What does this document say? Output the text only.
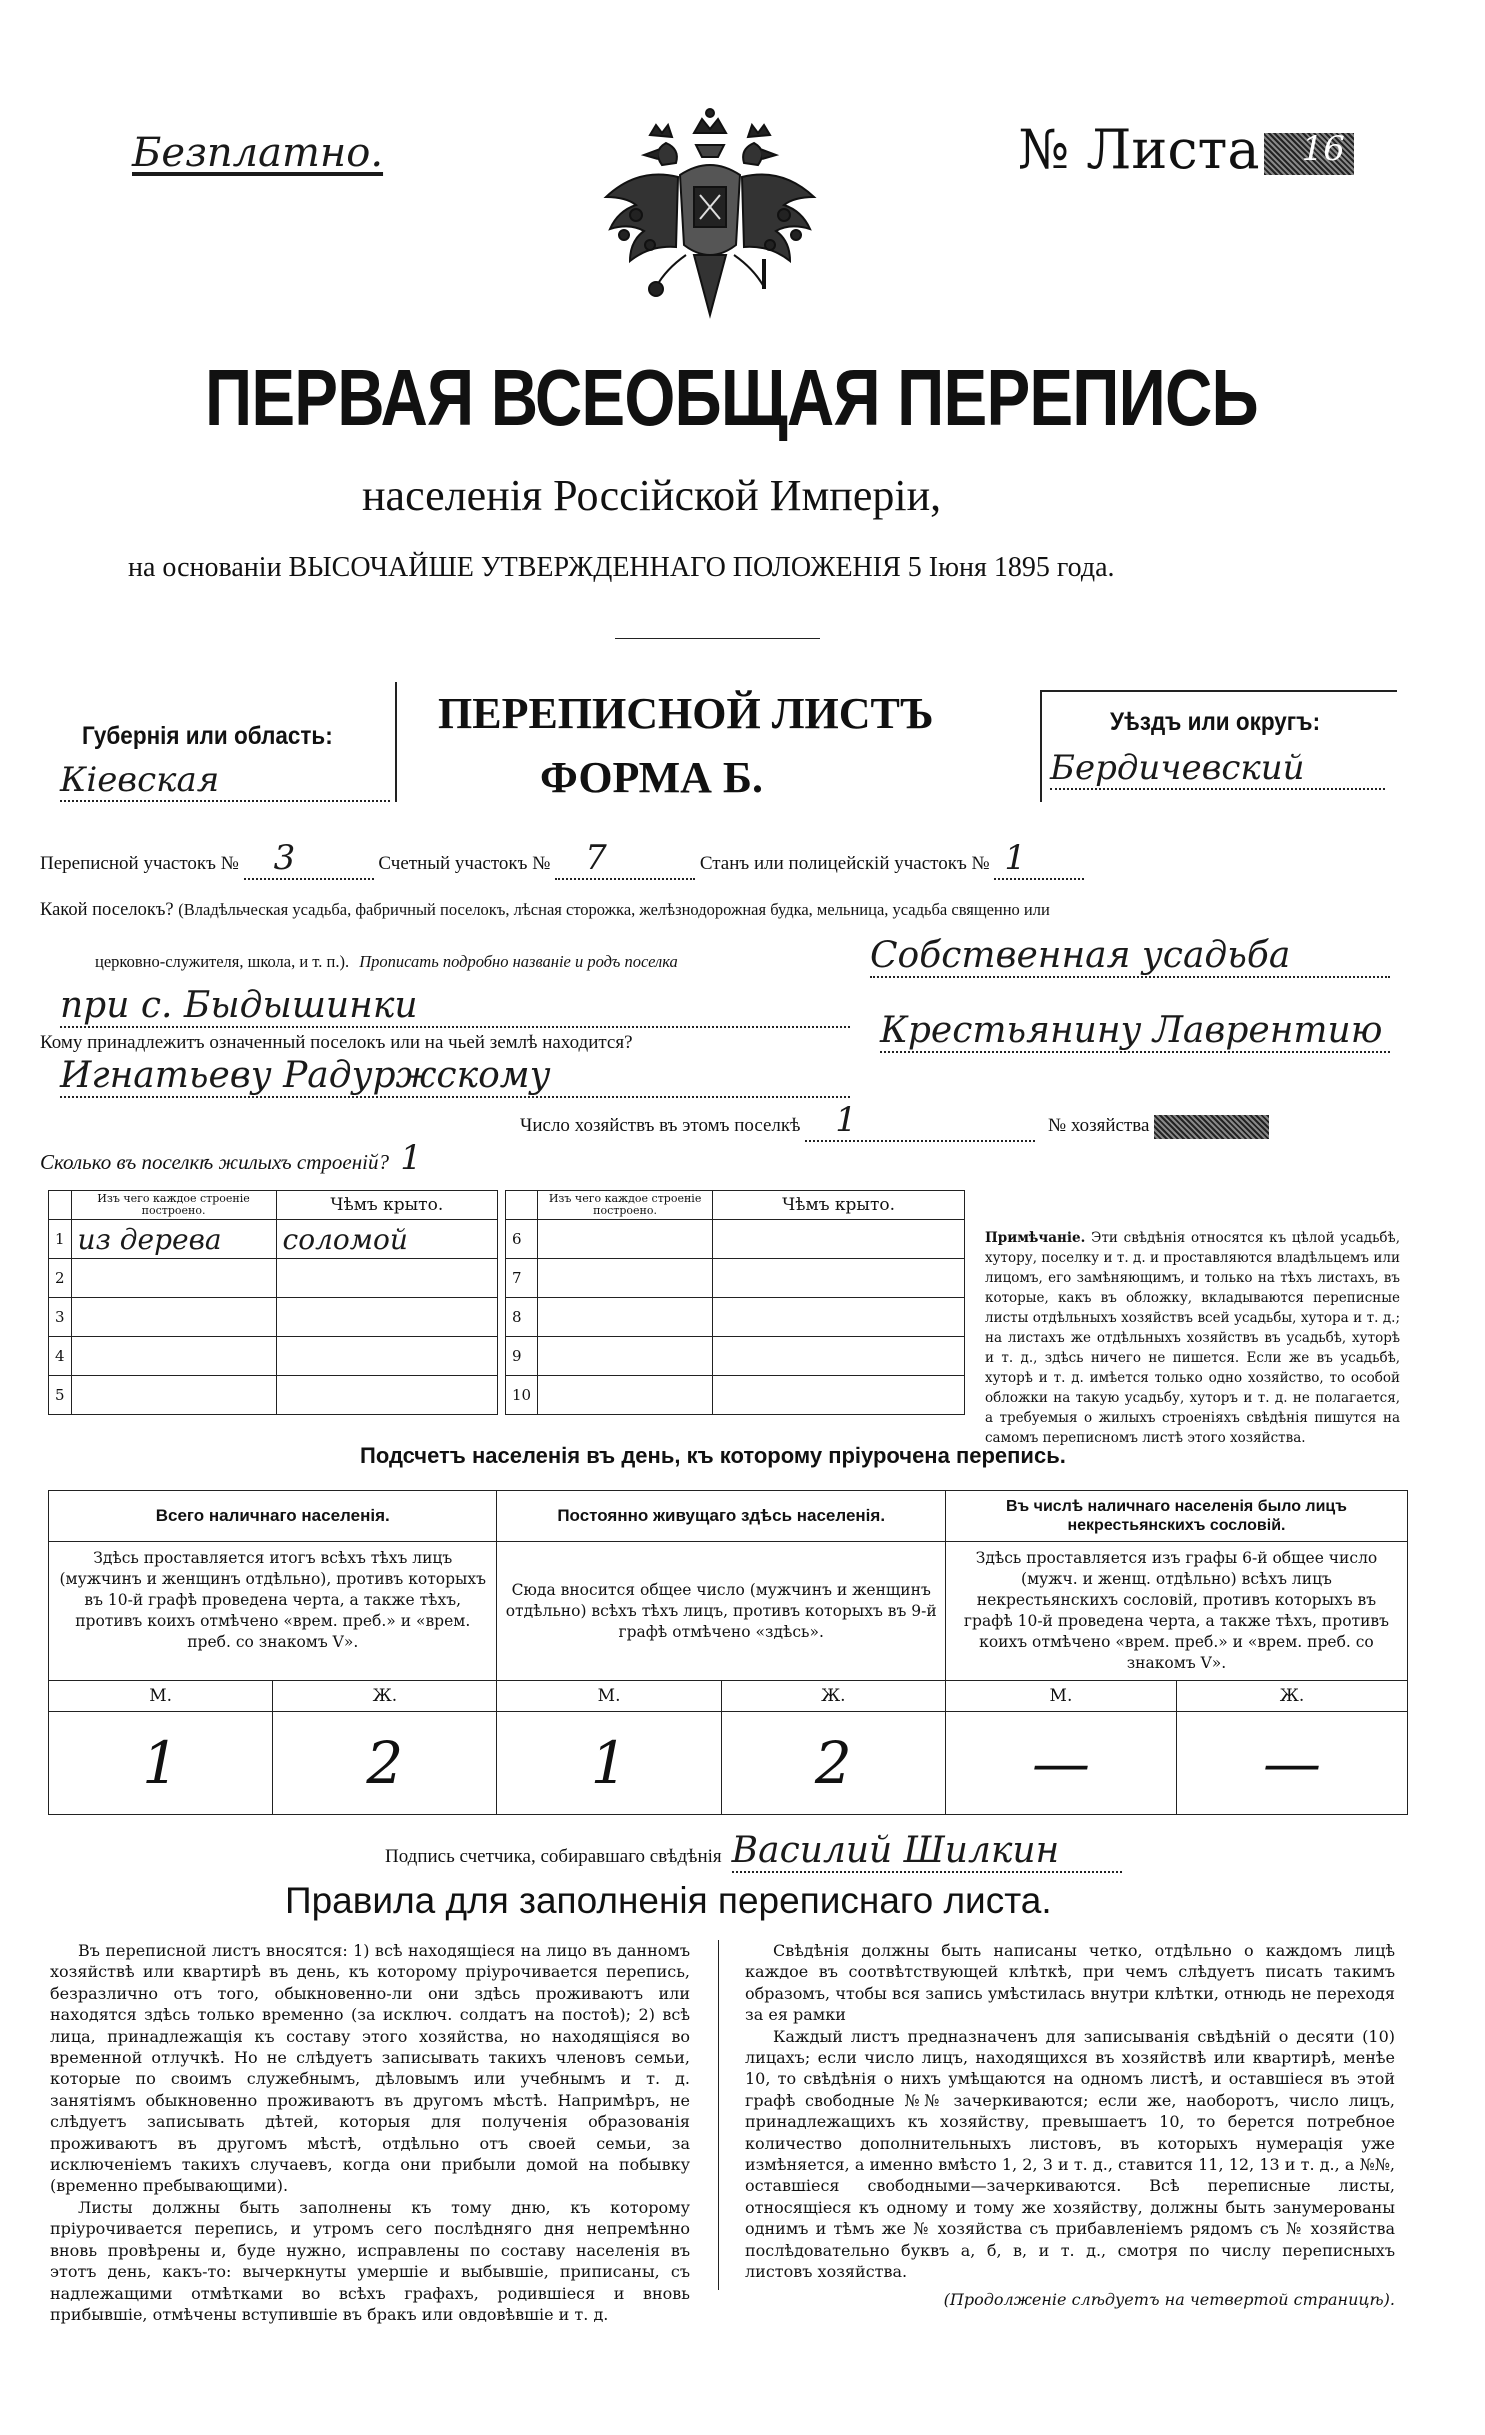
Безплатно.	№ Листа 16
ПЕРВАЯ ВСЕОБЩАЯ ПЕРЕПИСЬ
населенія Россійской Имперіи,
на основаніи ВЫСОЧАЙШЕ УТВЕРЖДЕННАГО ПОЛОЖЕНІЯ 5 Іюня 1895 года.
Губернія или область:
Кiевская
ПЕРЕПИСНОЙ ЛИСТЪ
ФОРМА Б.
Уѣздъ или округъ:
Бердичевский
Переписной участокъ № 3	Счетный участокъ № 7	Станъ или полицейскій участокъ № 1
Какой поселокъ? (Владѣльческая усадьба, фабричный поселокъ, лѣсная сторожка, желѣзнодорожная будка, мельница, усадьба священно или
церковно-служителя, школа, и т. п.). Прописать подробно названіе и родъ поселка	Собственная усадьба
при с. Быдышинки
Кому принадлежитъ означенный поселокъ или на чьей землѣ находится?	Крестьянину Лаврентию
Игнатьеву Радуржскому
Число хозяйствъ въ этомъ поселкѣ 1	№ хозяйства
Сколько въ поселкѣ жилыхъ строеній? 1
	Изъ чего каждое строеніе построено.	Чѣмъ крыто.
1	из дерева	соломой
2		
3		
4		
5		
	Изъ чего каждое строеніе построено.	Чѣмъ крыто.
6		
7		
8		
9		
10		
Примѣчаніе. Эти свѣдѣнія относятся къ цѣлой усадьбѣ, хутору, поселку и т. д. и проставляются владѣльцемъ или лицомъ, его замѣняющимъ, и только на тѣхъ листахъ, въ которые, какъ въ обложку, вкладываются переписные листы отдѣльныхъ хозяйствъ всей усадьбы, хутора и т. д.; на листахъ же отдѣльныхъ хозяйствъ въ усадьбѣ, хуторѣ и т. д., здѣсь ничего не пишется. Если же въ усадьбѣ, хуторѣ и т. д. имѣется только одно хозяйство, то особой обложки на такую усадьбу, хуторъ и т. д. не полагается, а требуемыя о жилыхъ строеніяхъ свѣдѣнія пишутся на самомъ переписномъ листѣ этого хозяйства.
Подсчетъ населенія въ день, къ которому пріурочена перепись.
Всего наличнаго населенія.		Постоянно живущаго здѣсь населенія.		Въ числѣ наличнаго населенія было лицъ некрестьянскихъ сословій.	
Здѣсь проставляется итогъ всѣхъ тѣхъ лицъ (мужчинъ и женщинъ отдѣльно), противъ которыхъ въ 10-й графѣ проведена черта, а также тѣхъ, противъ коихъ отмѣчено «врем. преб.» и «врем. преб. со знакомъ V».		Сюда вносится общее число (мужчинъ и женщинъ отдѣльно) всѣхъ тѣхъ лицъ, противъ которыхъ въ 9-й графѣ отмѣчено «здѣсь».		Здѣсь проставляется изъ графы 6-й общее число (мужч. и женщ. отдѣльно) всѣхъ лицъ некрестьянскихъ сословій, противъ которыхъ въ графѣ 10-й проведена черта, а также тѣхъ, противъ коихъ отмѣчено «врем. преб.» и «врем. преб. со знакомъ V».	
М.	Ж.	М.	Ж.	М.	Ж.
1	2	1	2	—	—
Подпись счетчика, собиравшаго свѣдѣнія Василий Шилкин
Правила для заполненія переписнаго листа.

Въ переписной листъ вносятся: 1) всѣ находящіеся на лицо въ данномъ хозяйствѣ или квартирѣ въ день, къ которому пріурочивается перепись, безразлично отъ того, обыкновенно-ли они здѣсь проживаютъ или находятся здѣсь только временно (за исключ. солдатъ на постоѣ); 2) всѣ лица, принадлежащія къ составу этого хозяйства, но находящіяся во временной отлучкѣ. Но не слѣдуетъ записывать такихъ членовъ семьи, которые по своимъ служебнымъ, дѣловымъ или учебнымъ и т. д. занятіямъ обыкновенно проживаютъ въ другомъ мѣстѣ. Напримѣръ, не слѣдуетъ записывать дѣтей, которыя для полученія образованія проживаютъ въ другомъ мѣстѣ, отдѣльно отъ своей семьи, за исключеніемъ такихъ случаевъ, когда они прибыли домой на побывку (временно пребывающими).

Листы должны быть заполнены къ тому дню, къ которому пріурочивается перепись, и утромъ сего послѣдняго дня непремѣнно вновь провѣрены и, буде нужно, исправлены по составу населенія въ этотъ день, какъ-то: вычеркнуты умершіе и выбывшіе, приписаны, съ надлежащими отмѣтками во всѣхъ графахъ, родившіеся и вновь прибывшіе, отмѣчены вступившіе въ бракъ или овдовѣвшіе и т. д.

Свѣдѣнія должны быть написаны четко, отдѣльно о каждомъ лицѣ каждое въ соотвѣтствующей клѣткѣ, при чемъ слѣдуетъ писать такимъ образомъ, чтобы вся запись умѣстилась внутри клѣтки, отнюдь не переходя за ея рамки

Каждый листъ предназначенъ для записыванія свѣдѣній о десяти (10) лицахъ; если число лицъ, находящихся въ хозяйствѣ или квартирѣ, менѣе 10, то свѣдѣнія о нихъ умѣщаются на одномъ листѣ, и оставшіеся въ этой графѣ свободные №№ зачеркиваются; если же, наоборотъ, число лицъ, принадлежащихъ къ хозяйству, превышаетъ 10, то берется потребное количество дополнительныхъ листовъ, въ которыхъ нумерація уже измѣняется, а именно вмѣсто 1, 2, 3 и т. д., ставится 11, 12, 13 и т. д., а №№, оставшіеся свободными—зачеркиваются. Всѣ переписные листы, относящіеся къ одному и тому же хозяйству, должны быть занумерованы однимъ и тѣмъ же № хозяйства съ прибавленіемъ рядомъ съ № хозяйства послѣдовательно буквъ а, б, в, и т. д., смотря по числу переписныхъ листовъ хозяйства.

(Продолженіе слѣдуетъ на четвертой страницѣ).
